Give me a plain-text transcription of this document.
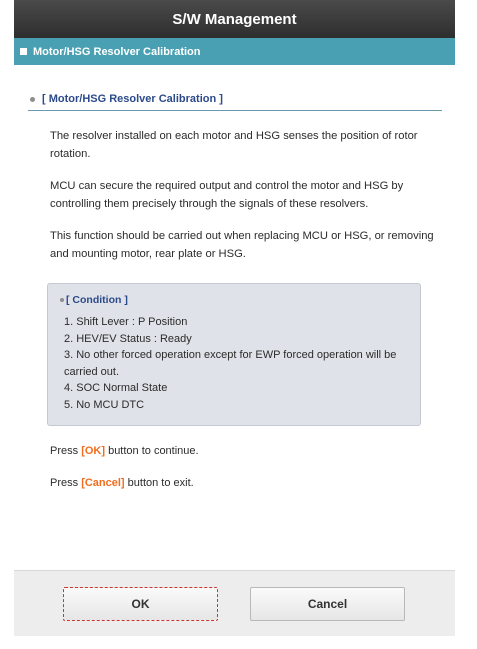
S/W Management
Motor/HSG Resolver Calibration
[ Motor/HSG Resolver Calibration ]
The resolver installed on each motor and HSG senses the position of rotor rotation.
MCU can secure the required output and control the motor and HSG by controlling them precisely through the signals of these resolvers.
This function should be carried out when replacing MCU or HSG, or removing and mounting motor, rear plate or HSG.
[ Condition ]
1. Shift Lever : P Position
2. HEV/EV Status : Ready
3. No other forced operation except for EWP forced operation will be carried out.
4. SOC Normal State
5. No MCU DTC
Press [OK] button to continue.
Press [Cancel] button to exit.
OK	Cancel
